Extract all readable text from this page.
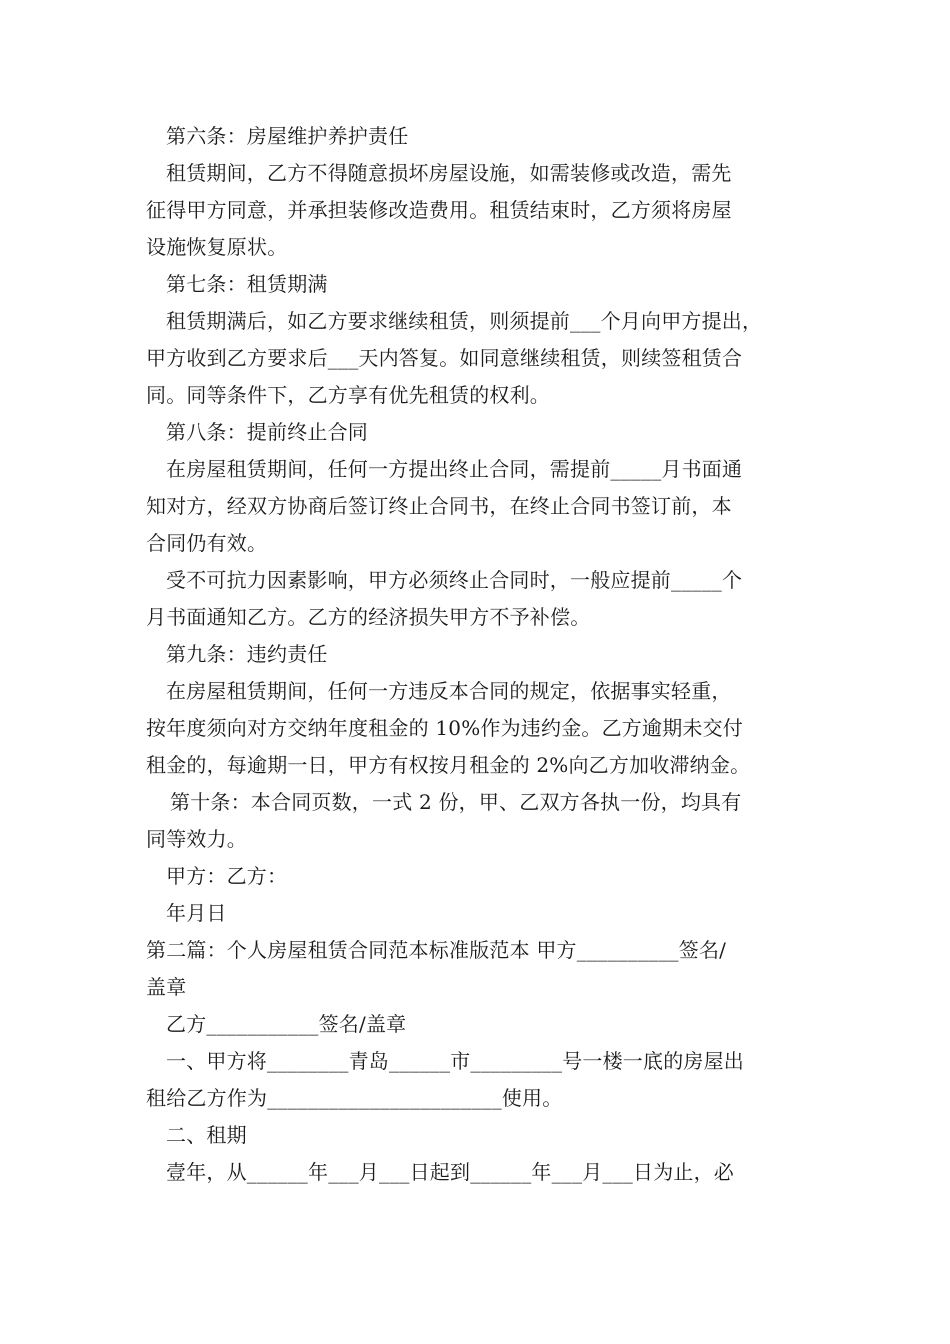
第六条：房屋维护养护责任
租赁期间，乙方不得随意损坏房屋设施，如需装修或改造，需先
征得甲方同意，并承担装修改造费用。租赁结束时，乙方须将房屋
设施恢复原状。
第七条：租赁期满
租赁期满后，如乙方要求继续租赁，则须提前___个月向甲方提出，
甲方收到乙方要求后___天内答复。如同意继续租赁，则续签租赁合
同。同等条件下，乙方享有优先租赁的权利。
第八条：提前终止合同
在房屋租赁期间，任何一方提出终止合同，需提前_____月书面通
知对方，经双方协商后签订终止合同书，在终止合同书签订前，本
合同仍有效。
受不可抗力因素影响，甲方必须终止合同时，一般应提前_____个
月书面通知乙方。乙方的经济损失甲方不予补偿。
第九条：违约责任
在房屋租赁期间，任何一方违反本合同的规定，依据事实轻重，
按年度须向对方交纳年度租金的 10%作为违约金。乙方逾期未交付
租金的，每逾期一日，甲方有权按月租金的 2%向乙方加收滞纳金。
第十条：本合同页数，一式 2 份，甲、乙双方各执一份，均具有
同等效力。
甲方：乙方：
年月日
第二篇：个人房屋租赁合同范本标准版范本 甲方__________签名/
盖章
乙方___________签名/盖章
一、甲方将________青岛______市_________号一楼一底的房屋出
租给乙方作为_______________________使用。
二、租期
壹年，从______年___月___日起到______年___月___日为止，必
